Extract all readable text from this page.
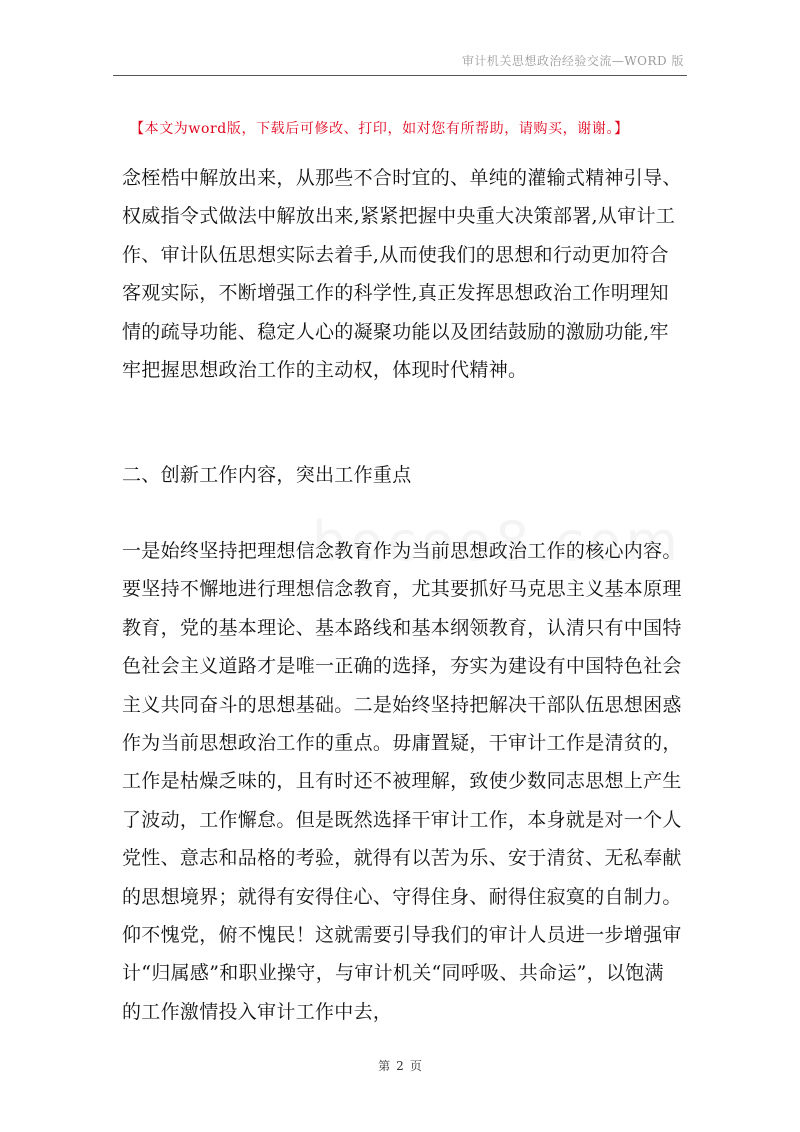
审计机关思想政治经验交流—WORD 版
【本文为word版，下载后可修改、打印，如对您有所帮助，请购买，谢谢。】
念桎梏中解放出来，从那些不合时宜的、单纯的灌输式精神引导、权威指令式做法中解放出来,紧紧把握中央重大决策部署,从审计工作、审计队伍思想实际去着手,从而使我们的思想和行动更加符合客观实际，不断增强工作的科学性,真正发挥思想政治工作明理知情的疏导功能、稳定人心的凝聚功能以及团结鼓励的激励功能,牢牢把握思想政治工作的主动权，体现时代精神。
二、创新工作内容，突出工作重点
一是始终坚持把理想信念教育作为当前思想政治工作的核心内容。要坚持不懈地进行理想信念教育，尤其要抓好马克思主义基本原理教育，党的基本理论、基本路线和基本纲领教育，认清只有中国特色社会主义道路才是唯一正确的选择，夯实为建设有中国特色社会主义共同奋斗的思想基础。二是始终坚持把解决干部队伍思想困惑作为当前思想政治工作的重点。毋庸置疑，干审计工作是清贫的，工作是枯燥乏味的，且有时还不被理解，致使少数同志思想上产生了波动，工作懈怠。但是既然选择干审计工作，本身就是对一个人党性、意志和品格的考验，就得有以苦为乐、安于清贫、无私奉献的思想境界；就得有安得住心、守得住身、耐得住寂寞的自制力。仰不愧党，俯不愧民！这就需要引导我们的审计人员进一步增强审计“归属感”和职业操守，与审计机关“同呼吸、共命运”，以饱满的工作激情投入审计工作中去，
第 2 页
